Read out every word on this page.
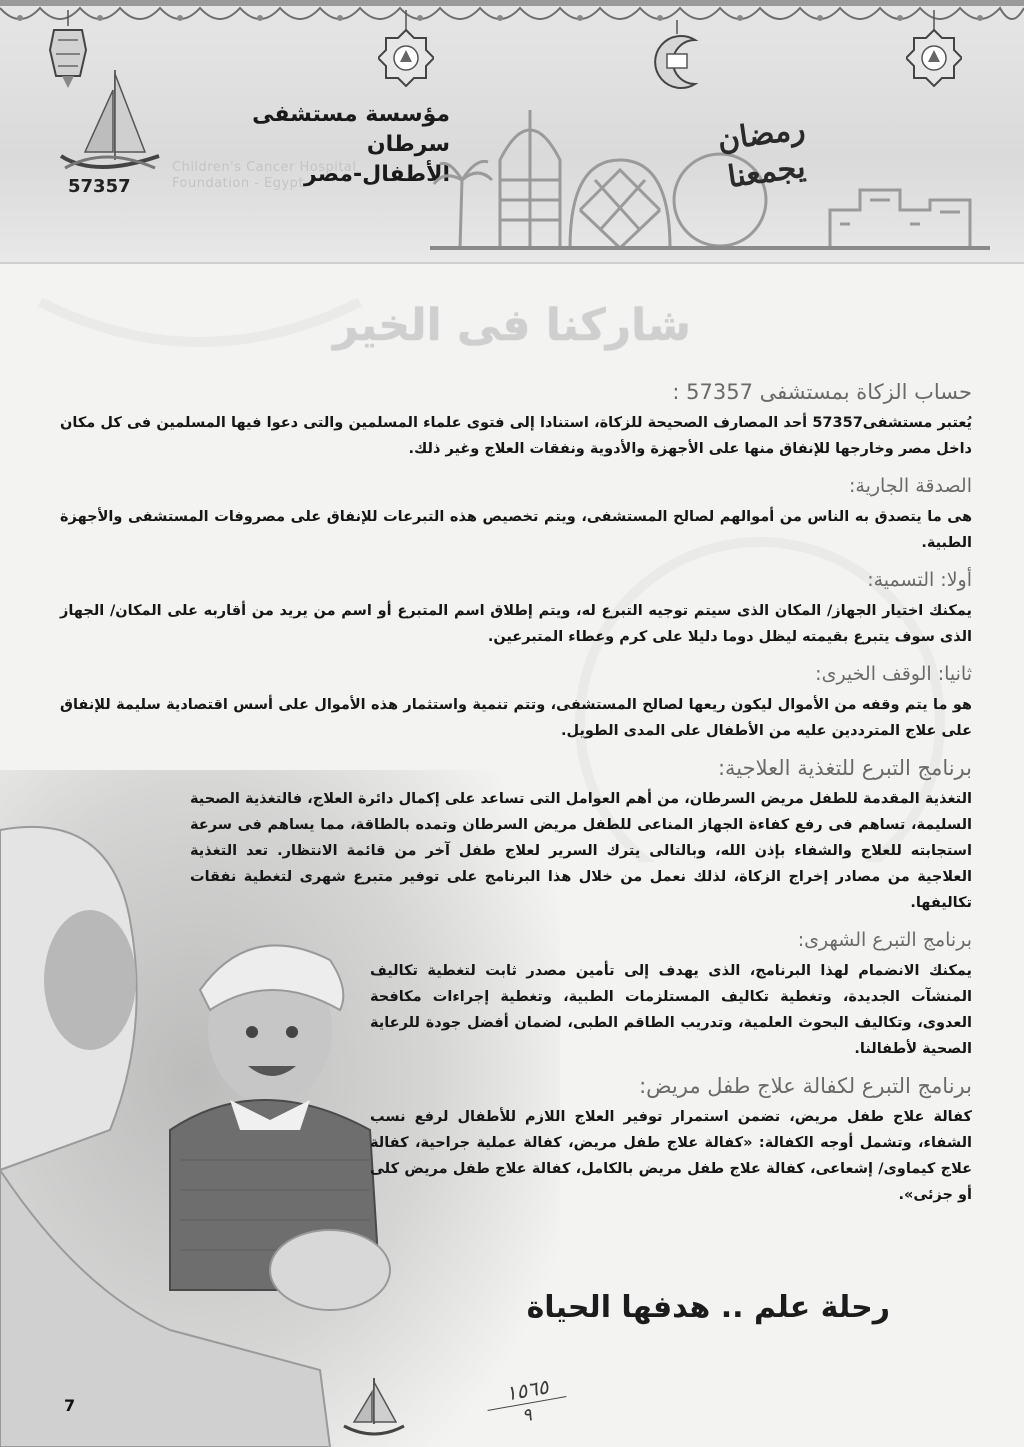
57357
مؤسسة مستشفى سرطان
الأطفال-مصر
Children's Cancer Hospital
Foundation - Egypt
رمضان
يجمعنا
شاركنا فى الخير
حساب الزكاة بمستشفى 57357 :

يُعتبر مستشفى57357 أحد المصارف الصحيحة للزكاة، استنادا إلى فتوى علماء المسلمين والتى دعوا فيها المسلمين فى كل مكان داخل مصر وخارجها للإنفاق منها على الأجهزة والأدوية ونفقات العلاج وغير ذلك.

الصدقة الجارية:

هى ما يتصدق به الناس من أموالهم لصالح المستشفى، ويتم تخصيص هذه التبرعات للإنفاق على مصروفات المستشفى والأجهزة الطبية.

أولا: التسمية:

يمكنك اختيار الجهاز/ المكان الذى سيتم توجيه التبرع له، ويتم إطلاق اسم المتبرع أو اسم من يريد من أقاربه على المكان/ الجهاز الذى سوف يتبرع بقيمته ليظل دوما دليلا على كرم وعطاء المتبرعين.

ثانيا: الوقف الخيرى:

هو ما يتم وقفه من الأموال ليكون ريعها لصالح المستشفى، وتتم تنمية واستثمار هذه الأموال على أسس اقتصادية سليمة للإنفاق على علاج المترددين عليه من الأطفال على المدى الطويل.

برنامج التبرع للتغذية العلاجية:

التغذية المقدمة للطفل مريض السرطان، من أهم العوامل التى تساعد على إكمال دائرة العلاج، فالتغذية الصحية السليمة، تساهم فى رفع كفاءة الجهاز المناعى للطفل مريض السرطان وتمده بالطاقة، مما يساهم فى سرعة استجابته للعلاج والشفاء بإذن الله، وبالتالى يترك السرير لعلاج طفل آخر من قائمة الانتظار. تعد التغذية العلاجية من مصادر إخراج الزكاة، لذلك نعمل من خلال هذا البرنامج على توفير متبرع شهرى لتغطية نفقات تكاليفها.

برنامج التبرع الشهرى:

يمكنك الانضمام لهذا البرنامج، الذى يهدف إلى تأمين مصدر ثابت لتغطية تكاليف المنشآت الجديدة، وتغطية تكاليف المستلزمات الطبية، وتغطية إجراءات مكافحة العدوى، وتكاليف البحوث العلمية، وتدريب الطاقم الطبى، لضمان أفضل جودة للرعاية الصحية لأطفالنا.

برنامج التبرع لكفالة علاج طفل مريض:

كفالة علاج طفل مريض، تضمن استمرار توفير العلاج اللازم للأطفال لرفع نسب الشفاء، وتشمل أوجه الكفالة: «كفالة علاج طفل مريض، كفالة عملية جراحية، كفالة علاج كيماوى/ إشعاعى، كفالة علاج طفل مريض بالكامل، كفالة علاج طفل مريض كلى أو جزئى».

رحلة علم .. هدفها الحياة
١٥٦٥
٩
7
